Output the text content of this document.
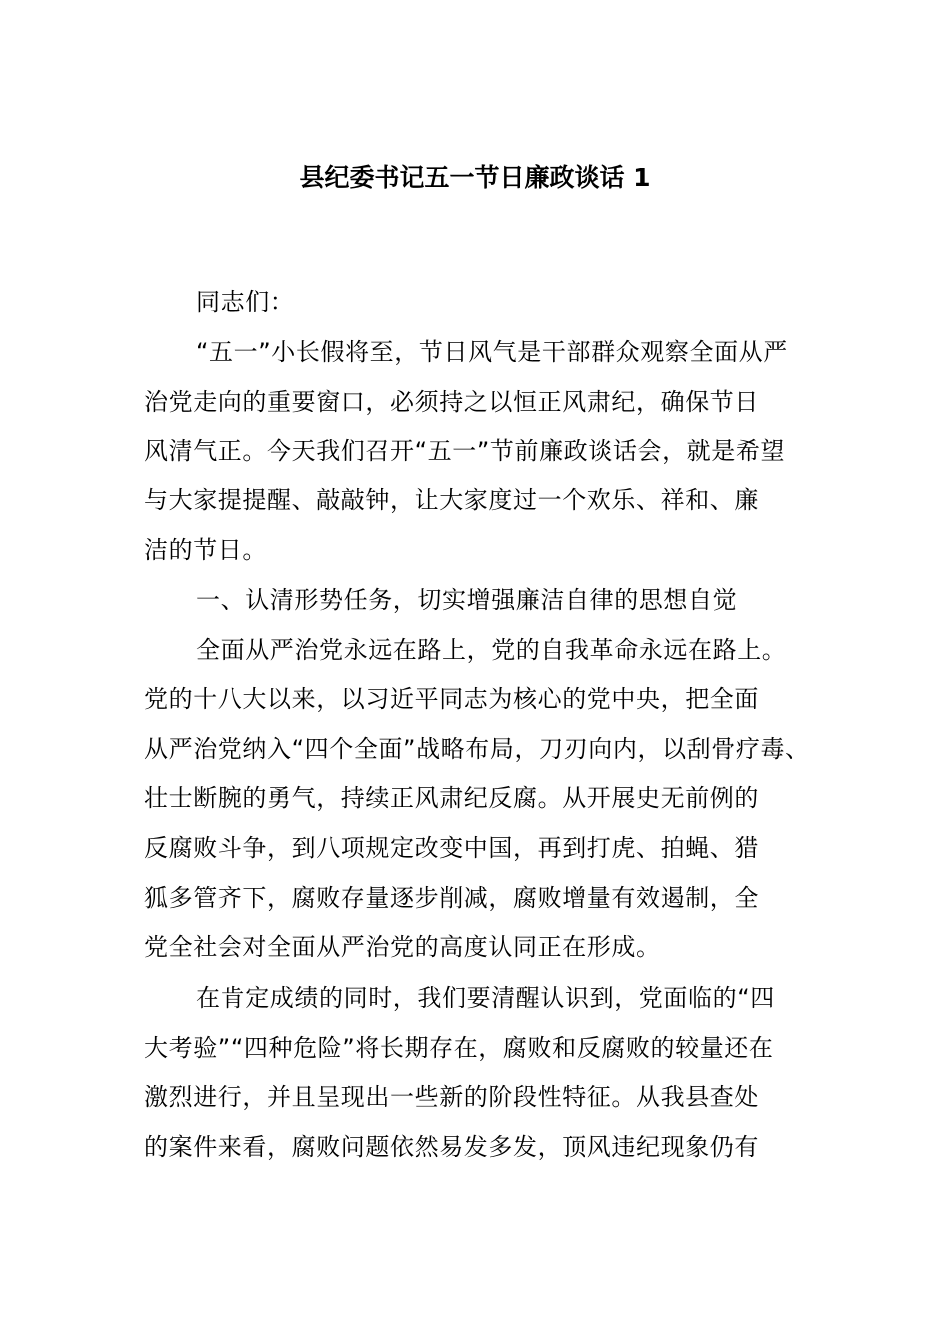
县纪委书记五一节日廉政谈话 1
同志们：
“五一”小长假将至，节日风气是干部群众观察全面从严
治党走向的重要窗口，必须持之以恒正风肃纪，确保节日
风清气正。今天我们召开“五一”节前廉政谈话会，就是希望
与大家提提醒、敲敲钟，让大家度过一个欢乐、祥和、廉
洁的节日。
一、认清形势任务，切实增强廉洁自律的思想自觉
全面从严治党永远在路上，党的自我革命永远在路上。
党的十八大以来，以习近平同志为核心的党中央，把全面
从严治党纳入“四个全面”战略布局，刀刃向内，以刮骨疗毒、
壮士断腕的勇气，持续正风肃纪反腐。从开展史无前例的
反腐败斗争，到八项规定改变中国，再到打虎、拍蝇、猎
狐多管齐下，腐败存量逐步削减，腐败增量有效遏制，全
党全社会对全面从严治党的高度认同正在形成。
在肯定成绩的同时，我们要清醒认识到，党面临的“四
大考验”“四种危险”将长期存在，腐败和反腐败的较量还在
激烈进行，并且呈现出一些新的阶段性特征。从我县查处
的案件来看，腐败问题依然易发多发，顶风违纪现象仍有
